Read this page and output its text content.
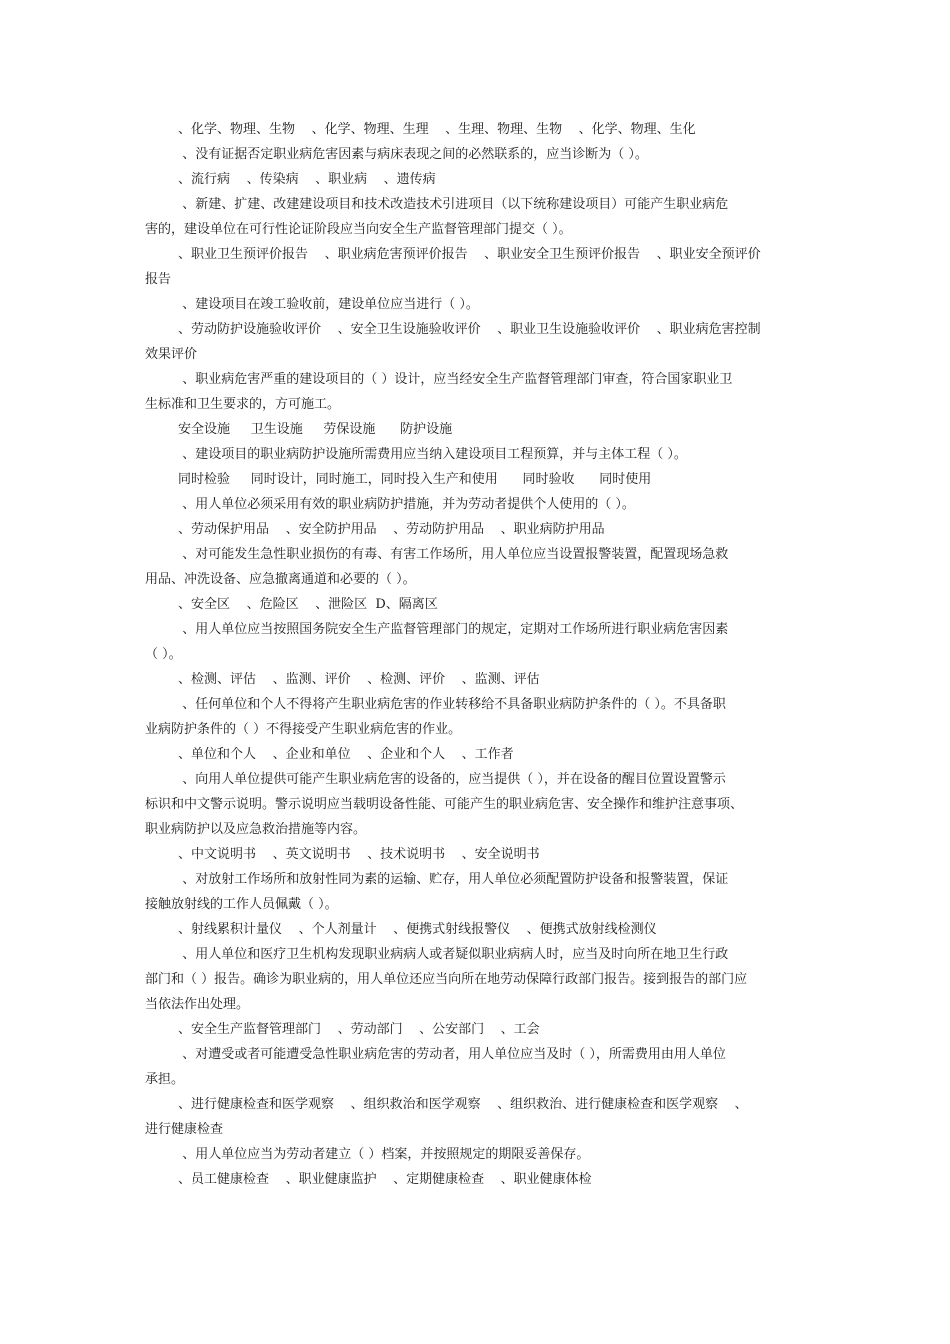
、化学、物理、生物    、化学、物理、生理    、生理、物理、生物    、化学、物理、生化
、没有证据否定职业病危害因素与病床表现之间的必然联系的，应当诊断为（ ）。
、流行病    、传染病    、职业病    、遗传病
、新建、扩建、改建建设项目和技术改造技术引进项目（以下统称建设项目）可能产生职业病危
害的，建设单位在可行性论证阶段应当向安全生产监督管理部门提交（ ）。
、职业卫生预评价报告    、职业病危害预评价报告    、职业安全卫生预评价报告    、职业安全预评价
报告
、建设项目在竣工验收前，建设单位应当进行（ ）。
、劳动防护设施验收评价    、安全卫生设施验收评价    、职业卫生设施验收评价    、职业病危害控制
效果评价
、职业病危害严重的建设项目的（ ）设计，应当经安全生产监督管理部门审查，符合国家职业卫
生标准和卫生要求的，方可施工。
安全设施     卫生设施     劳保设施      防护设施
、建设项目的职业病防护设施所需费用应当纳入建设项目工程预算，并与主体工程（ ）。
同时检验     同时设计，同时施工，同时投入生产和使用      同时验收      同时使用
、用人单位必须采用有效的职业病防护措施，并为劳动者提供个人使用的（ ）。
、劳动保护用品    、安全防护用品    、劳动防护用品    、职业病防护用品
、对可能发生急性职业损伤的有毒、有害工作场所，用人单位应当设置报警装置，配置现场急救
用品、冲洗设备、应急撤离通道和必要的（ ）。
、安全区    、危险区    、泄险区  D、隔离区
、用人单位应当按照国务院安全生产监督管理部门的规定，定期对工作场所进行职业病危害因素
（ ）。
、检测、评估    、监测、评价    、检测、评价    、监测、评估
、任何单位和个人不得将产生职业病危害的作业转移给不具备职业病防护条件的（ ）。不具备职
业病防护条件的（ ）不得接受产生职业病危害的作业。
、单位和个人    、企业和单位    、企业和个人    、工作者
、向用人单位提供可能产生职业病危害的设备的，应当提供（ ），并在设备的醒目位置设置警示
标识和中文警示说明。警示说明应当载明设备性能、可能产生的职业病危害、安全操作和维护注意事项、
职业病防护以及应急救治措施等内容。
、中文说明书    、英文说明书    、技术说明书    、安全说明书
、对放射工作场所和放射性同为素的运输、贮存，用人单位必须配置防护设备和报警装置，保证
接触放射线的工作人员佩戴（ ）。
、射线累积计量仪    、个人剂量计    、便携式射线报警仪    、便携式放射线检测仪
、用人单位和医疗卫生机构发现职业病病人或者疑似职业病病人时，应当及时向所在地卫生行政
部门和（ ）报告。确诊为职业病的，用人单位还应当向所在地劳动保障行政部门报告。接到报告的部门应
当依法作出处理。
、安全生产监督管理部门    、劳动部门    、公安部门    、工会
、对遭受或者可能遭受急性职业病危害的劳动者，用人单位应当及时（ ），所需费用由用人单位
承担。
、进行健康检查和医学观察    、组织救治和医学观察    、组织救治、进行健康检查和医学观察    、
进行健康检查
、用人单位应当为劳动者建立（ ）档案，并按照规定的期限妥善保存。
、员工健康检查    、职业健康监护    、定期健康检查    、职业健康体检
